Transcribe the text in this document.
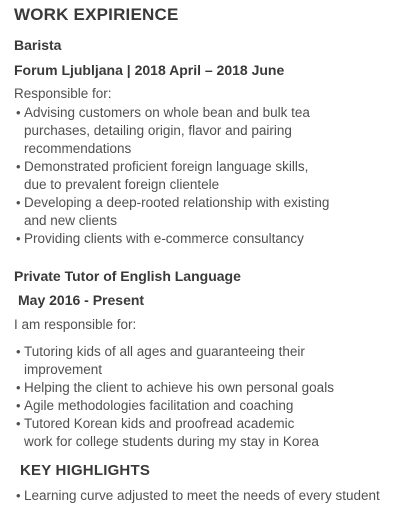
WORK EXPIRIENCE
Barista
Forum Ljubljana | 2018 April – 2018 June
Responsible for:
• Advising customers on whole bean and bulk tea purchases, detailing origin, flavor and pairing recommendations
• Demonstrated proficient foreign language skills, due to prevalent foreign clientele
• Developing a deep-rooted relationship with existing and new clients
• Providing clients with e-commerce consultancy
Private Tutor of English Language
May 2016 - Present
I am responsible for:
• Tutoring kids of all ages and guaranteeing their improvement
• Helping the client to achieve his own personal goals
• Agile methodologies facilitation and coaching
• Tutored Korean kids and proofread academic work for college students during my stay in Korea
KEY HIGHLIGHTS
• Learning curve adjusted to meet the needs of every student
